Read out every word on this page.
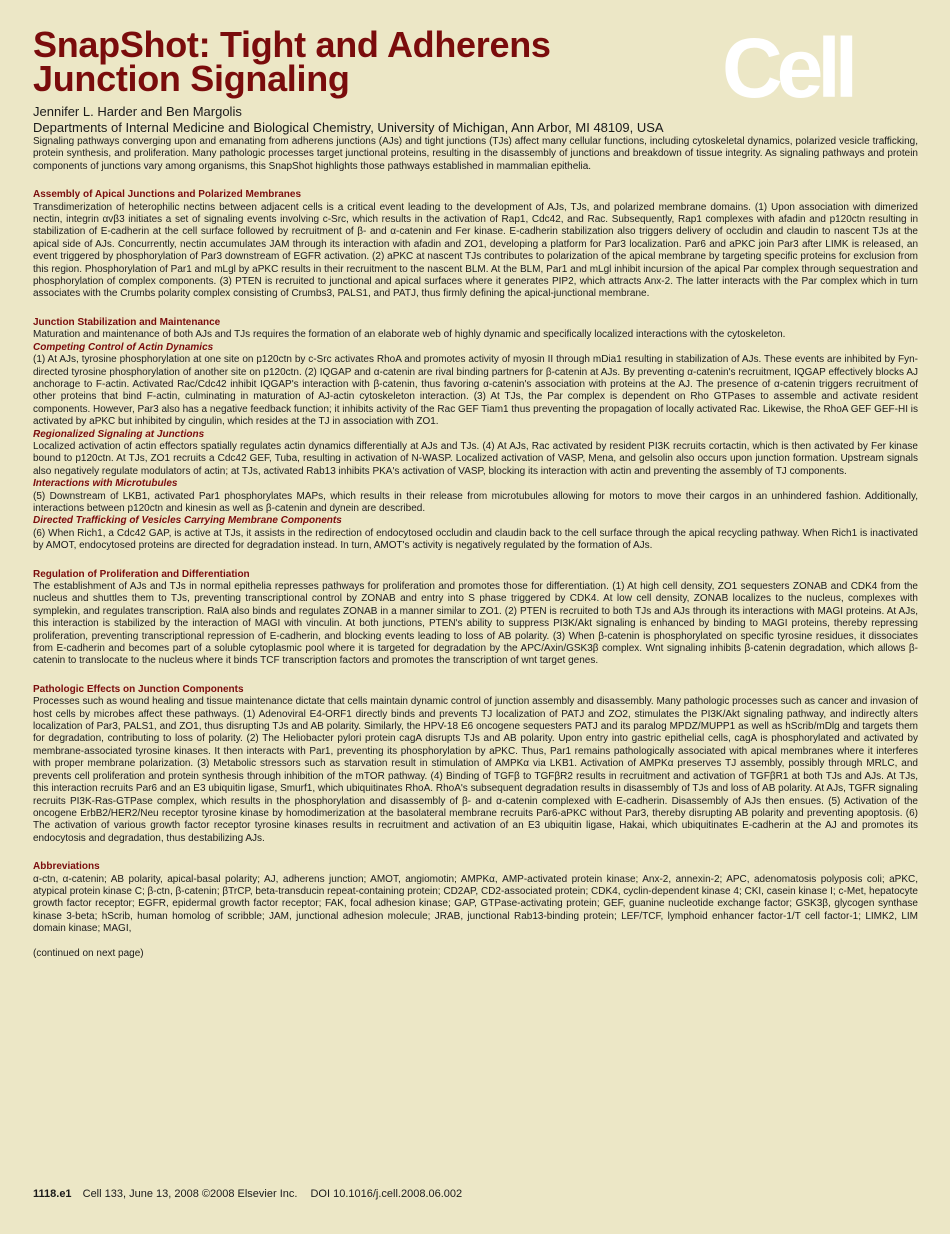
Cell
SnapShot: Tight and Adherens
Junction Signaling
Jennifer L. Harder and Ben Margolis
Departments of Internal Medicine and Biological Chemistry, University of Michigan, Ann Arbor, MI 48109, USA

Signaling pathways converging upon and emanating from adherens junctions (AJs) and tight junctions (TJs) affect many cellular functions, including cytoskeletal dynamics, polarized vesicle trafficking, protein synthesis, and proliferation. Many pathologic processes target junctional proteins, resulting in the disassembly of junctions and breakdown of tissue integrity. As signaling pathways and protein components of junctions vary among organisms, this SnapShot highlights those pathways established in mammalian epithelia.

Assembly of Apical Junctions and Polarized Membranes

Transdimerization of heterophilic nectins between adjacent cells is a critical event leading to the development of AJs, TJs, and polarized membrane domains. (1) Upon association with dimerized nectin, integrin αvβ3 initiates a set of signaling events involving c-Src, which results in the activation of Rap1, Cdc42, and Rac. Subsequently, Rap1 complexes with afadin and p120ctn resulting in stabilization of E-cadherin at the cell surface followed by recruitment of β- and α-catenin and Fer kinase. E-cadherin stabilization also triggers delivery of occludin and claudin to nascent TJs at the apical side of AJs. Concurrently, nectin accumulates JAM through its interaction with afadin and ZO1, developing a platform for Par3 localization. Par6 and aPKC join Par3 after LIMK is released, an event triggered by phosphorylation of Par3 downstream of EGFR activation. (2) aPKC at nascent TJs contributes to polarization of the apical membrane by targeting specific proteins for exclusion from this region. Phosphorylation of Par1 and mLgl by aPKC results in their recruitment to the nascent BLM. At the BLM, Par1 and mLgl inhibit incursion of the apical Par complex through sequestration and phosphorylation of complex components. (3) PTEN is recruited to junctional and apical surfaces where it generates PIP2, which attracts Anx-2. The latter interacts with the Par complex which in turn associates with the Crumbs polarity complex consisting of Crumbs3, PALS1, and PATJ, thus firmly defining the apical-junctional membrane.

Junction Stabilization and Maintenance

Maturation and maintenance of both AJs and TJs requires the formation of an elaborate web of highly dynamic and specifically localized interactions with the cytoskeleton.

Competing Control of Actin Dynamics

(1) At AJs, tyrosine phosphorylation at one site on p120ctn by c-Src activates RhoA and promotes activity of myosin II through mDia1 resulting in stabilization of AJs. These events are inhibited by Fyn-directed tyrosine phosphorylation of another site on p120ctn. (2) IQGAP and α-catenin are rival binding partners for β-catenin at AJs. By preventing α-catenin's recruitment, IQGAP effectively blocks AJ anchorage to F-actin. Activated Rac/Cdc42 inhibit IQGAP's interaction with β-catenin, thus favoring α-catenin's association with proteins at the AJ. The presence of α-catenin triggers recruitment of other proteins that bind F-actin, culminating in maturation of AJ-actin cytoskeleton interaction. (3) At TJs, the Par complex is dependent on Rho GTPases to assemble and activate resident components. However, Par3 also has a negative feedback function; it inhibits activity of the Rac GEF Tiam1 thus preventing the propagation of locally activated Rac. Likewise, the RhoA GEF GEF-HI is activated by aPKC but inhibited by cingulin, which resides at the TJ in association with ZO1.

Regionalized Signaling at Junctions

Localized activation of actin effectors spatially regulates actin dynamics differentially at AJs and TJs. (4) At AJs, Rac activated by resident PI3K recruits cortactin, which is then activated by Fer kinase bound to p120ctn. At TJs, ZO1 recruits a Cdc42 GEF, Tuba, resulting in activation of N-WASP. Localized activation of VASP, Mena, and gelsolin also occurs upon junction formation. Upstream signals also negatively regulate modulators of actin; at TJs, activated Rab13 inhibits PKA's activation of VASP, blocking its interaction with actin and preventing the assembly of TJ components.

Interactions with Microtubules

(5) Downstream of LKB1, activated Par1 phosphorylates MAPs, which results in their release from microtubules allowing for motors to move their cargos in an unhindered fashion. Additionally, interactions between p120ctn and kinesin as well as β-catenin and dynein are described.

Directed Trafficking of Vesicles Carrying Membrane Components

(6) When Rich1, a Cdc42 GAP, is active at TJs, it assists in the redirection of endocytosed occludin and claudin back to the cell surface through the apical recycling pathway. When Rich1 is inactivated by AMOT, endocytosed proteins are directed for degradation instead. In turn, AMOT's activity is negatively regulated by the formation of AJs.

Regulation of Proliferation and Differentiation

The establishment of AJs and TJs in normal epithelia represses pathways for proliferation and promotes those for differentiation. (1) At high cell density, ZO1 sequesters ZONAB and CDK4 from the nucleus and shuttles them to TJs, preventing transcriptional control by ZONAB and entry into S phase triggered by CDK4. At low cell density, ZONAB localizes to the nucleus, complexes with symplekin, and regulates transcription. RalA also binds and regulates ZONAB in a manner similar to ZO1. (2) PTEN is recruited to both TJs and AJs through its interactions with MAGI proteins. At AJs, this interaction is stabilized by the interaction of MAGI with vinculin. At both junctions, PTEN's ability to suppress PI3K/Akt signaling is enhanced by binding to MAGI proteins, thereby repressing proliferation, preventing transcriptional repression of E-cadherin, and blocking events leading to loss of AB polarity. (3) When β-catenin is phosphorylated on specific tyrosine residues, it dissociates from E-cadherin and becomes part of a soluble cytoplasmic pool where it is targeted for degradation by the APC/Axin/GSK3β complex. Wnt signaling inhibits β-catenin degradation, which allows β-catenin to translocate to the nucleus where it binds TCF transcription factors and promotes the transcription of wnt target genes.

Pathologic Effects on Junction Components

Processes such as wound healing and tissue maintenance dictate that cells maintain dynamic control of junction assembly and disassembly. Many pathologic processes such as cancer and invasion of host cells by microbes affect these pathways. (1) Adenoviral E4-ORF1 directly binds and prevents TJ localization of PATJ and ZO2, stimulates the PI3K/Akt signaling pathway, and indirectly alters localization of Par3, PALS1, and ZO1, thus disrupting TJs and AB polarity. Similarly, the HPV-18 E6 oncogene sequesters PATJ and its paralog MPDZ/MUPP1 as well as hScrib/mDlg and targets them for degradation, contributing to loss of polarity. (2) The Heliobacter pylori protein cagA disrupts TJs and AB polarity. Upon entry into gastric epithelial cells, cagA is phosphorylated and activated by membrane-associated tyrosine kinases. It then interacts with Par1, preventing its phosphorylation by aPKC. Thus, Par1 remains pathologically associated with apical membranes where it interferes with proper membrane polarization. (3) Metabolic stressors such as starvation result in stimulation of AMPKα via LKB1. Activation of AMPKα preserves TJ assembly, possibly through MRLC, and prevents cell proliferation and protein synthesis through inhibition of the mTOR pathway. (4) Binding of TGFβ to TGFβR2 results in recruitment and activation of TGFβR1 at both TJs and AJs. At TJs, this interaction recruits Par6 and an E3 ubiquitin ligase, Smurf1, which ubiquitinates RhoA. RhoA's subsequent degradation results in disassembly of TJs and loss of AB polarity. At AJs, TGFR signaling recruits PI3K-Ras-GTPase complex, which results in the phosphorylation and disassembly of β- and α-catenin complexed with E-cadherin. Disassembly of AJs then ensues. (5) Activation of the oncogene ErbB2/HER2/Neu receptor tyrosine kinase by homodimerization at the basolateral membrane recruits Par6-aPKC without Par3, thereby disrupting AB polarity and preventing apoptosis. (6) The activation of various growth factor receptor tyrosine kinases results in recruitment and activation of an E3 ubiquitin ligase, Hakai, which ubiquitinates E-cadherin at the AJ and promotes its endocytosis and degradation, thus destabilizing AJs.

Abbreviations

α-ctn, α-catenin; AB polarity, apical-basal polarity; AJ, adherens junction; AMOT, angiomotin; AMPKα, AMP-activated protein kinase; Anx-2, annexin-2; APC, adenomatosis polyposis coli; aPKC, atypical protein kinase C; β-ctn, β-catenin; βTrCP, beta-transducin repeat-containing protein; CD2AP, CD2-associated protein; CDK4, cyclin-dependent kinase 4; CKI, casein kinase I; c-Met, hepatocyte growth factor receptor; EGFR, epidermal growth factor receptor; FAK, focal adhesion kinase; GAP, GTPase-activating protein; GEF, guanine nucleotide exchange factor; GSK3β, glycogen synthase kinase 3-beta; hScrib, human homolog of scribble; JAM, junctional adhesion molecule; JRAB, junctional Rab13-binding protein; LEF/TCF, lymphoid enhancer factor-1/T cell factor-1; LIMK2, LIM domain kinase; MAGI,

(continued on next page)
1118.e1 Cell 133, June 13, 2008 ©2008 Elsevier Inc. DOI 10.1016/j.cell.2008.06.002
